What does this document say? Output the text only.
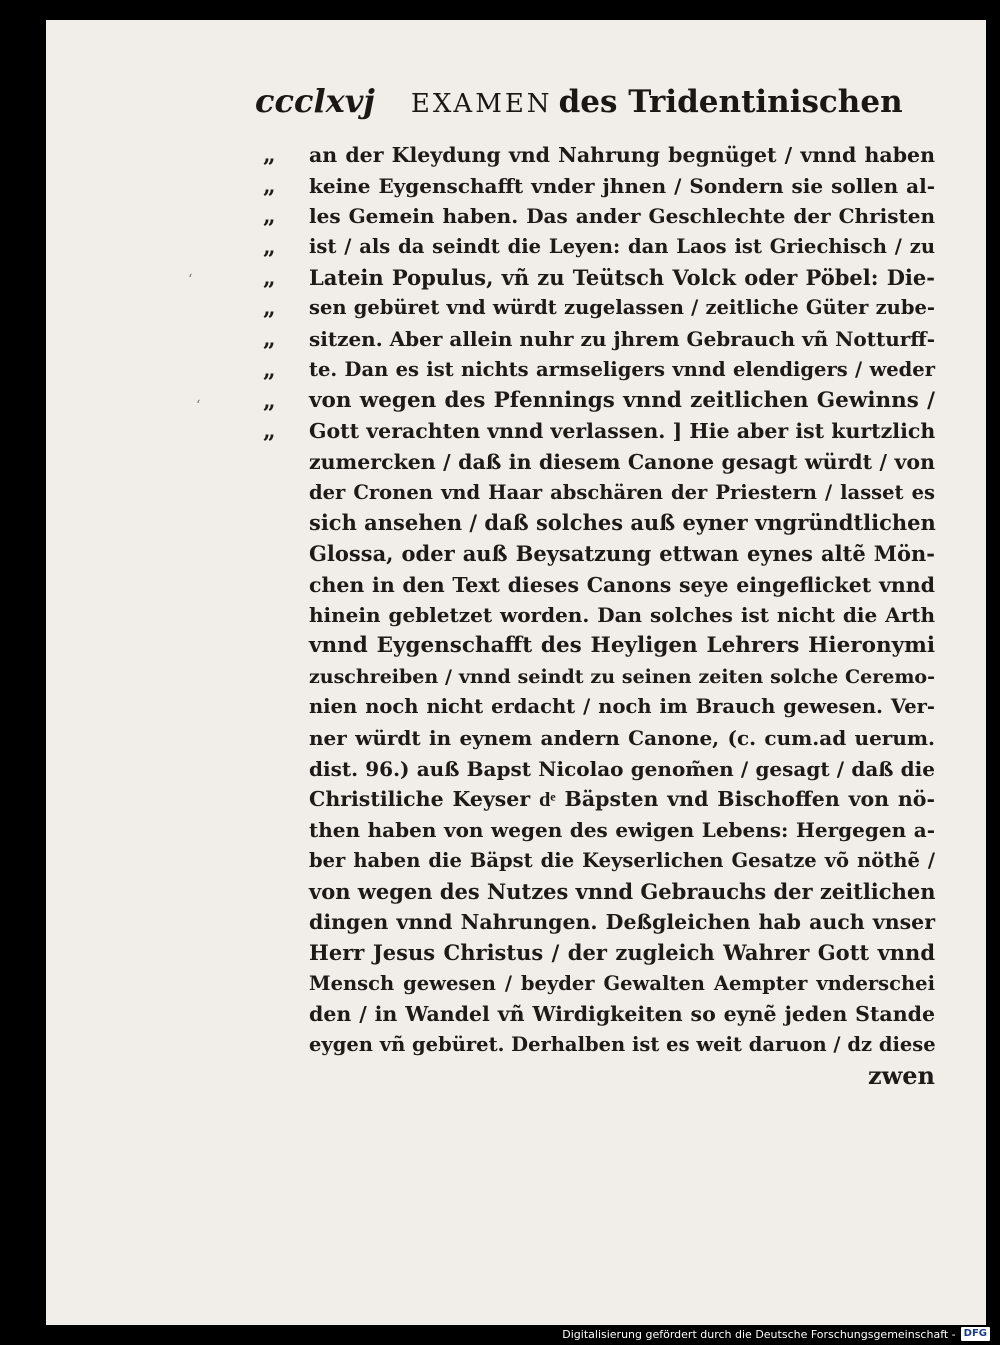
ccclxvj EXAMEN des Tridentinischen
‘
‘
„	an der Kleydung vnd Nahrung begnüget / vnnd haben
„	keine Eygenschafft vnder jhnen / Sondern sie sollen al-
„	les Gemein haben. Das ander Geschlechte der Christen
„	ist / als da seindt die Leyen: dan Laos ist Griechisch / zu
„	Latein Populus, vñ zu Teütsch Volck oder Pöbel: Die-
„	sen gebüret vnd würdt zugelassen / zeitliche Güter zube-
„	sitzen. Aber allein nuhr zu jhrem Gebrauch vñ Notturff-
„	te. Dan es ist nichts armseligers vnnd elendigers / weder
„	von wegen des Pfennings vnnd zeitlichen Gewinns /
„	Gott verachten vnnd verlassen. ] Hie aber ist kurtzlich
zumercken / daß in diesem Canone gesagt würdt / von
der Cronen vnd Haar abschären der Priestern / lasset es
sich ansehen / daß solches auß eyner vngründtlichen
Glossa, oder auß Beysatzung ettwan eynes altẽ Mön-
chen in den Text dieses Canons seye eingeflicket vnnd
hinein gebletzet worden. Dan solches ist nicht die Arth
vnnd Eygenschafft des Heyligen Lehrers Hieronymi
zuschreiben / vnnd seindt zu seinen zeiten solche Ceremo-
nien noch nicht erdacht / noch im Brauch gewesen. Ver-
ner würdt in eynem andern Canone, (c. cum.ad uerum.
dist. 96.) auß Bapst Nicolao genom̃en / gesagt / daß die
Christiliche Keyser dͤ Bäpsten vnd Bischoffen von nö-
then haben von wegen des ewigen Lebens: Hergegen a-
ber haben die Bäpst die Keyserlichen Gesatze võ nöthẽ /
von wegen des Nutzes vnnd Gebrauchs der zeitlichen
dingen vnnd Nahrungen. Deßgleichen hab auch vnser
Herr Jesus Christus / der zugleich Wahrer Gott vnnd
Mensch gewesen / beyder Gewalten Aempter vnderschei
den / in Wandel vñ Wirdigkeiten so eynẽ jeden Stande
eygen vñ gebüret. Derhalben ist es weit daruon / dz diese
zwen
Digitalisierung gefördert durch die Deutsche Forschungsgemeinschaft - DFG
